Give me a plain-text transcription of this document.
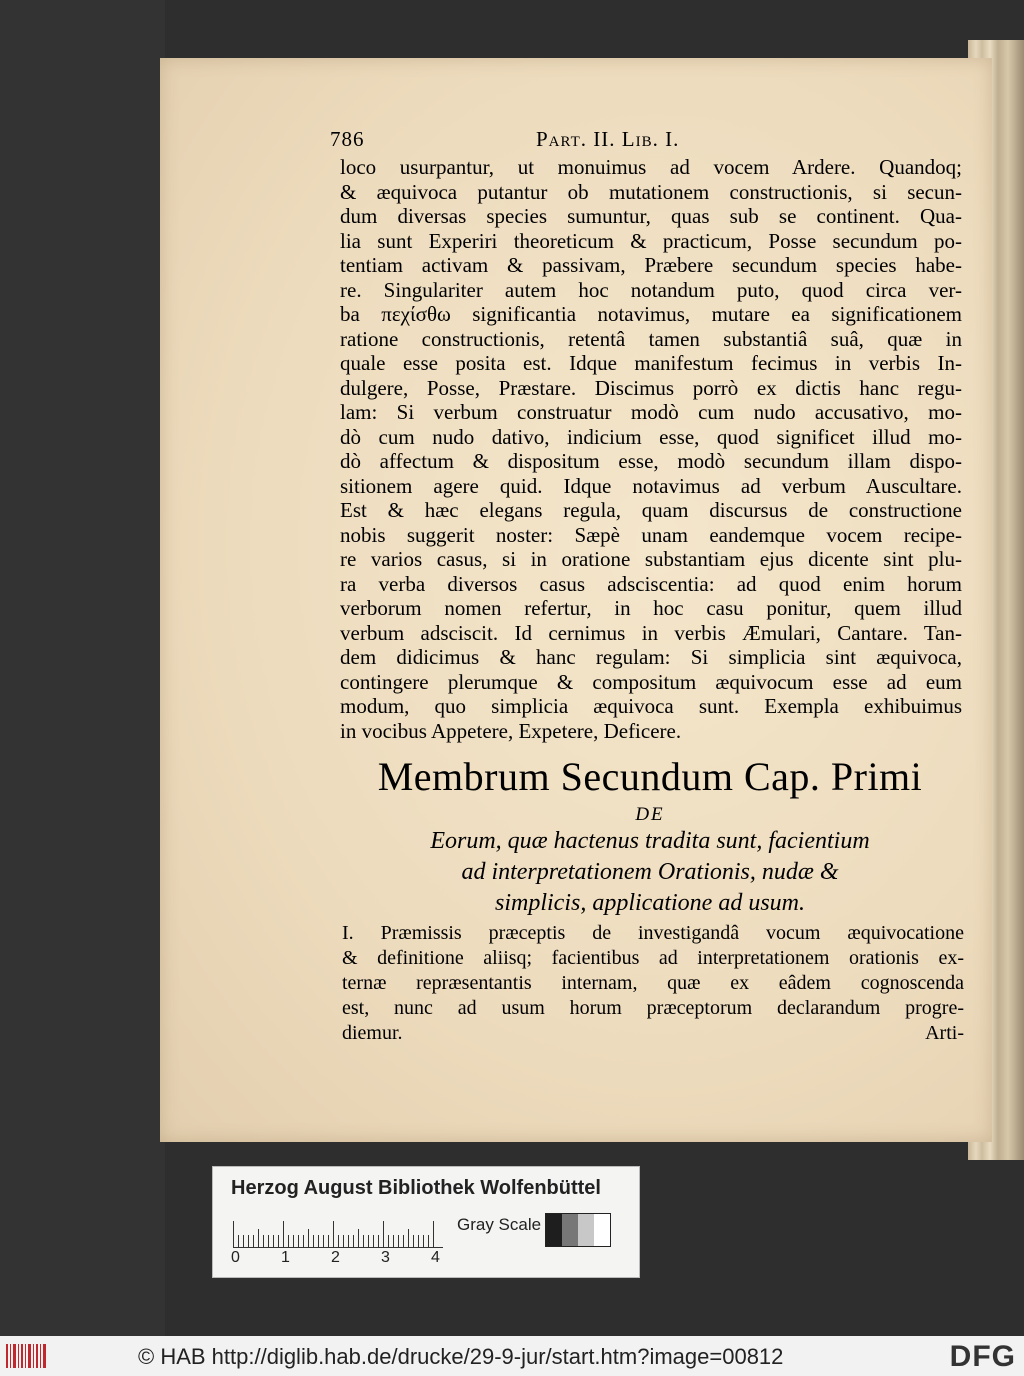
786	Part. II. Lib. I.
loco usurpantur, ut monuimus ad vocem Ardere. Quandoq;
& æquivoca putantur ob mutationem constructionis, si secun-
dum diversas species sumuntur, quas sub se continent. Qua-
lia sunt Experiri theoreticum & practicum, Posse secundum po-
tentiam activam & passivam, Præbere secundum species habe-
re. Singulariter autem hoc notandum puto, quod circa ver-
ba πεχίσθω significantia notavimus, mutare ea significationem
ratione constructionis, retentâ tamen substantiâ suâ, quæ in
quale esse posita est. Idque manifestum fecimus in verbis In-
dulgere, Posse, Præstare. Discimus porrò ex dictis hanc regu-
lam: Si verbum construatur modò cum nudo accusativo, mo-
dò cum nudo dativo, indicium esse, quod significet illud mo-
dò affectum & dispositum esse, modò secundum illam dispo-
sitionem agere quid. Idque notavimus ad verbum Auscultare.
Est & hæc elegans regula, quam discursus de constructione
nobis suggerit noster: Sæpè unam eandemque vocem recipe-
re varios casus, si in oratione substantiam ejus dicente sint plu-
ra verba diversos casus adsciscentia: ad quod enim horum
verborum nomen refertur, in hoc casu ponitur, quem illud
verbum adsciscit. Id cernimus in verbis Æmulari, Cantare. Tan-
dem didicimus & hanc regulam: Si simplicia sint æquivoca,
contingere plerumque & compositum æquivocum esse ad eum
modum, quo simplicia æquivoca sunt. Exempla exhibuimus
in vocibus Appetere, Expetere, Deficere.
Membrum Secundum Cap. Primi
DE
Eorum, quæ hactenus tradita sunt, facientium
ad interpretationem Orationis, nudæ &
simplicis, applicatione ad usum.
I. Præmissis præceptis de investigandâ vocum æquivocatione
& definitione aliisq; facientibus ad interpretationem orationis ex-
ternæ repræsentantis internam, quæ ex eâdem cognoscenda
est, nunc ad usum horum præceptorum declarandum progre-
diemur.	Arti-
Herzog August Bibliothek Wolfenbüttel
0	1	2	3	4
Gray Scale
© HAB http://diglib.hab.de/drucke/29-9-jur/start.htm?image=00812	DFG
